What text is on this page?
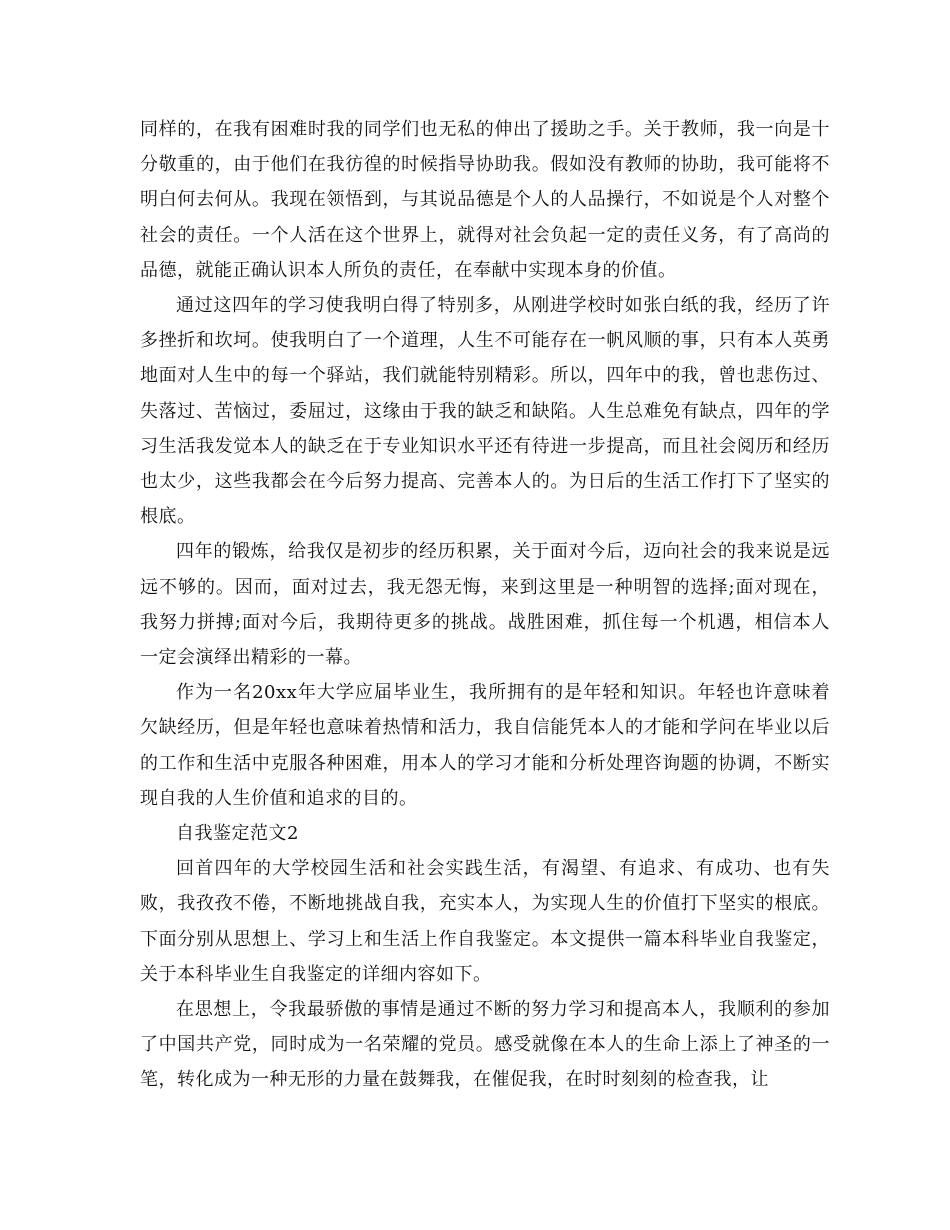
同样的，在我有困难时我的同学们也无私的伸出了援助之手。关于教师，我一向是十分敬重的，由于他们在我彷徨的时候指导协助我。假如没有教师的协助，我可能将不明白何去何从。我现在领悟到，与其说品德是个人的人品操行，不如说是个人对整个社会的责任。一个人活在这个世界上，就得对社会负起一定的责任义务，有了高尚的品德，就能正确认识本人所负的责任，在奉献中实现本身的价值。

通过这四年的学习使我明白得了特别多，从刚进学校时如张白纸的我，经历了许多挫折和坎坷。使我明白了一个道理，人生不可能存在一帆风顺的事，只有本人英勇地面对人生中的每一个驿站，我们就能特别精彩。所以，四年中的我，曾也悲伤过、失落过、苦恼过，委屈过，这缘由于我的缺乏和缺陷。人生总难免有缺点，四年的学习生活我发觉本人的缺乏在于专业知识水平还有待进一步提高，而且社会阅历和经历也太少，这些我都会在今后努力提高、完善本人的。为日后的生活工作打下了坚实的根底。

四年的锻炼，给我仅是初步的经历积累，关于面对今后，迈向社会的我来说是远远不够的。因而，面对过去，我无怨无悔，来到这里是一种明智的选择;面对现在，我努力拼搏;面对今后，我期待更多的挑战。战胜困难，抓住每一个机遇，相信本人一定会演绎出精彩的一幕。

作为一名20xx年大学应届毕业生，我所拥有的是年轻和知识。年轻也许意味着欠缺经历，但是年轻也意味着热情和活力，我自信能凭本人的才能和学问在毕业以后的工作和生活中克服各种困难，用本人的学习才能和分析处理咨询题的协调，不断实现自我的人生价值和追求的目的。

自我鉴定范文2

回首四年的大学校园生活和社会实践生活，有渴望、有追求、有成功、也有失败，我孜孜不倦，不断地挑战自我，充实本人，为实现人生的价值打下坚实的根底。下面分别从思想上、学习上和生活上作自我鉴定。本文提供一篇本科毕业自我鉴定，关于本科毕业生自我鉴定的详细内容如下。

在思想上，令我最骄傲的事情是通过不断的努力学习和提高本人，我顺利的参加了中国共产党，同时成为一名荣耀的党员。感受就像在本人的生命上添上了神圣的一笔，转化成为一种无形的力量在鼓舞我，在催促我，在时时刻刻的检查我，让
